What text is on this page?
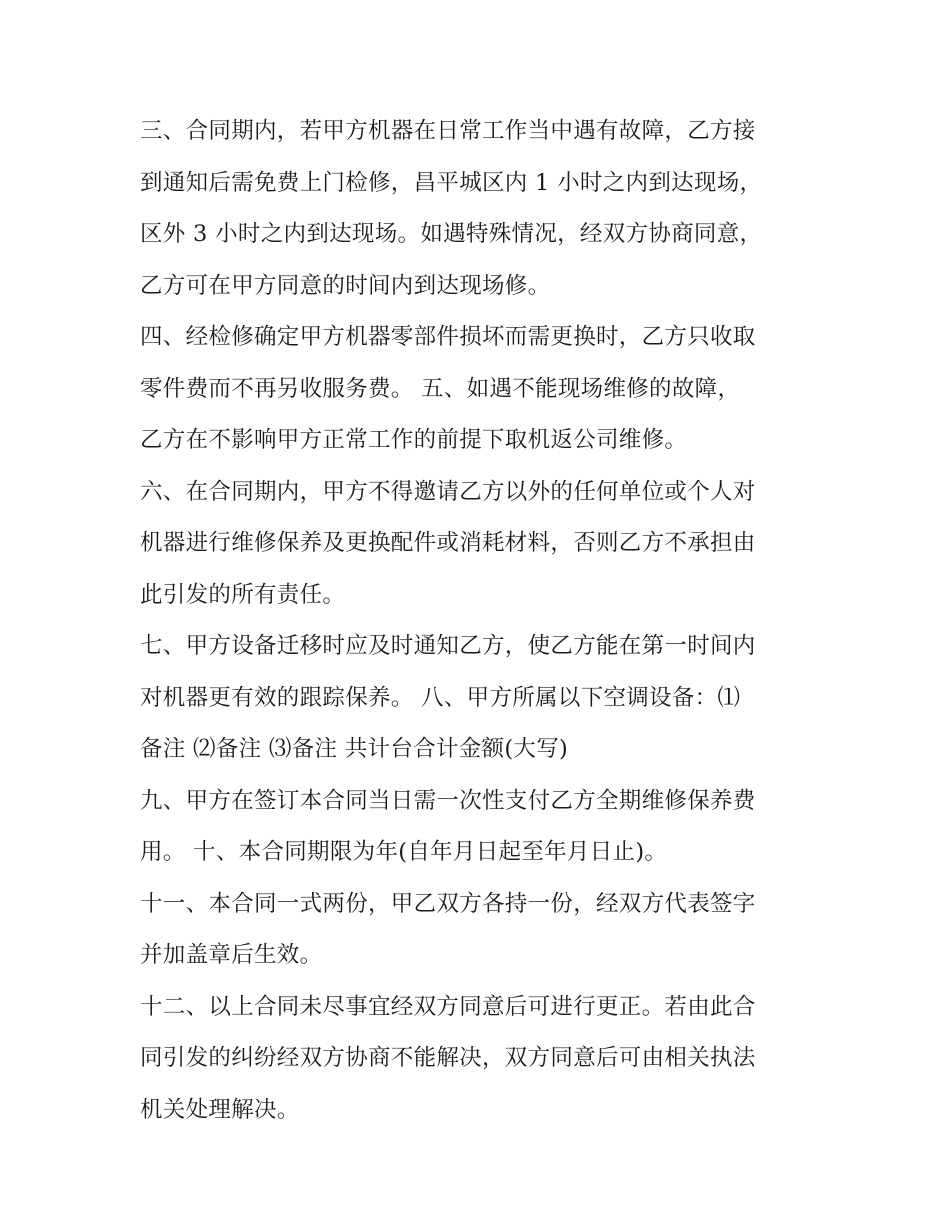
三、合同期内，若甲方机器在日常工作当中遇有故障，乙方接
到通知后需免费上门检修，昌平城区内 1 小时之内到达现场，
区外 3 小时之内到达现场。如遇特殊情况，经双方协商同意，
乙方可在甲方同意的时间内到达现场修。
四、经检修确定甲方机器零部件损坏而需更换时，乙方只收取
零件费而不再另收服务费。 五、如遇不能现场维修的故障，
乙方在不影响甲方正常工作的前提下取机返公司维修。
六、在合同期内，甲方不得邀请乙方以外的任何单位或个人对
机器进行维修保养及更换配件或消耗材料，否则乙方不承担由
此引发的所有责任。
七、甲方设备迁移时应及时通知乙方，使乙方能在第一时间内
对机器更有效的跟踪保养。 八、甲方所属以下空调设备：⑴
备注 ⑵备注 ⑶备注 共计台合计金额(大写)
九、甲方在签订本合同当日需一次性支付乙方全期维修保养费
用。 十、本合同期限为年(自年月日起至年月日止)。
十一、本合同一式两份，甲乙双方各持一份，经双方代表签字
并加盖章后生效。
十二、以上合同未尽事宜经双方同意后可进行更正。若由此合
同引发的纠纷经双方协商不能解决，双方同意后可由相关执法
机关处理解决。
